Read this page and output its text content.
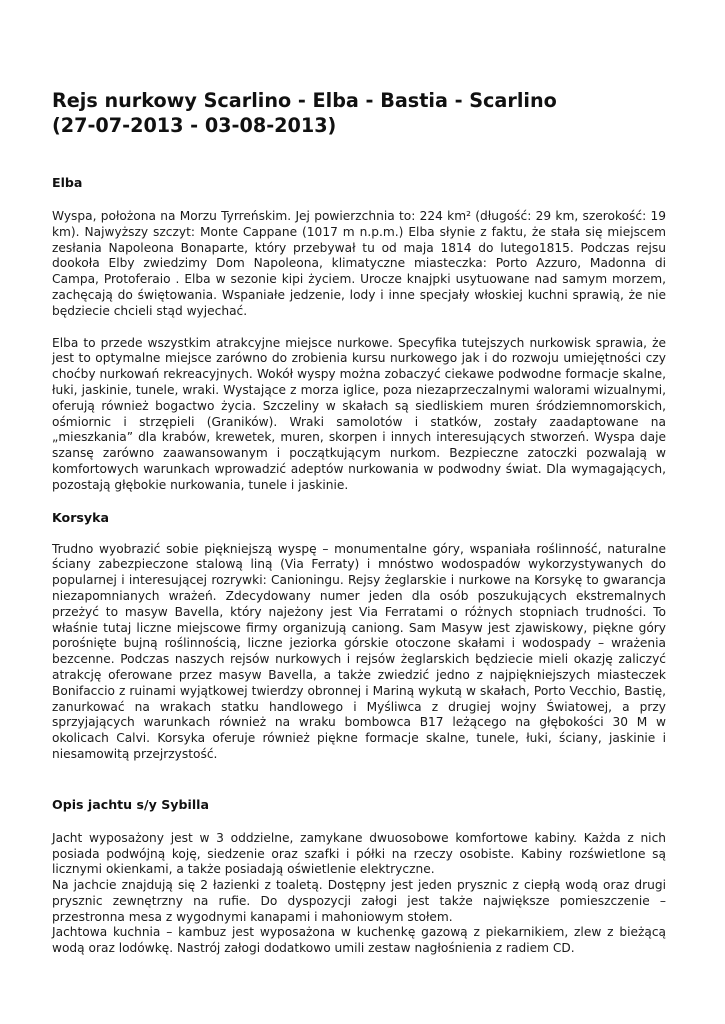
Rejs nurkowy Scarlino - Elba - Bastia - Scarlino
(27-07-2013 - 03-08-2013)
Elba

Wyspa, położona na Morzu Tyrreńskim. Jej powierzchnia to: 224 km² (długość: 29 km, szerokość: 19 km). Najwyższy szczyt: Monte Cappane (1017 m n.p.m.) Elba słynie z faktu, że stała się miejscem zesłania Napoleona Bonaparte, który przebywał tu od maja 1814 do lutego1815. Podczas rejsu dookoła Elby zwiedzimy Dom Napoleona, klimatyczne miasteczka: Porto Azzuro, Madonna di Campa, Protoferaio . Elba w sezonie kipi życiem. Urocze knajpki usytuowane nad samym morzem, zachęcają do świętowania. Wspaniałe jedzenie, lody i inne specjały włoskiej kuchni sprawią, że nie będziecie chcieli stąd wyjechać.

Elba to przede wszystkim atrakcyjne miejsce nurkowe. Specyfika tutejszych nurkowisk sprawia, że jest to optymalne miejsce zarówno do zrobienia kursu nurkowego jak i do rozwoju umiejętności czy choćby nurkowań rekreacyjnych. Wokół wyspy można zobaczyć ciekawe podwodne formacje skalne, łuki, jaskinie, tunele, wraki. Wystające z morza iglice, poza niezaprzeczalnymi walorami wizualnymi, oferują również bogactwo życia. Szczeliny w skałach są siedliskiem muren śródziemnomorskich, ośmiornic i strzępieli (Graników). Wraki samolotów i statków, zostały zaadaptowane na „mieszkania” dla krabów, krewetek, muren, skorpen i innych interesujących stworzeń. Wyspa daje szansę zarówno zaawansowanym i początkującym nurkom. Bezpieczne zatoczki pozwalają w komfortowych warunkach wprowadzić adeptów nurkowania w podwodny świat. Dla wymagających, pozostają głębokie nurkowania, tunele i jaskinie.

Korsyka

Trudno wyobrazić sobie piękniejszą wyspę – monumentalne góry, wspaniała roślinność, naturalne ściany zabezpieczone stalową liną (Via Ferraty) i mnóstwo wodospadów wykorzystywanych do popularnej i interesującej rozrywki: Canioningu. Rejsy żeglarskie i nurkowe na Korsykę to gwarancja niezapomnianych wrażeń. Zdecydowany numer jeden dla osób poszukujących ekstremalnych przeżyć to masyw Bavella, który najeżony jest Via Ferratami o różnych stopniach trudności. To właśnie tutaj liczne miejscowe firmy organizują caniong. Sam Masyw jest zjawiskowy, piękne góry porośnięte bujną roślinnością, liczne jeziorka górskie otoczone skałami i wodospady – wrażenia bezcenne. Podczas naszych rejsów nurkowych i rejsów żeglarskich będziecie mieli okazję zaliczyć atrakcję oferowane przez masyw Bavella, a także zwiedzić jedno z najpiękniejszych miasteczek Bonifaccio z ruinami wyjątkowej twierdzy obronnej i Mariną wykutą w skałach, Porto Vecchio, Bastię, zanurkować na wrakach statku handlowego i Myśliwca z drugiej wojny Światowej, a przy sprzyjających warunkach również na wraku bombowca B17 leżącego na głębokości 30 M w okolicach Calvi. Korsyka oferuje również piękne formacje skalne, tunele, łuki, ściany, jaskinie i niesamowitą przejrzystość.

Opis jachtu s/y Sybilla

Jacht wyposażony jest w 3 oddzielne, zamykane dwuosobowe komfortowe kabiny. Każda z nich posiada podwójną koję, siedzenie oraz szafki i półki na rzeczy osobiste. Kabiny rozświetlone są licznymi okienkami, a także posiadają oświetlenie elektryczne.
Na jachcie znajdują się 2 łazienki z toaletą. Dostępny jest jeden prysznic z ciepłą wodą oraz drugi prysznic zewnętrzny na rufie. Do dyspozycji załogi jest także największe pomieszczenie – przestronna mesa z wygodnymi kanapami i mahoniowym stołem.
Jachtowa kuchnia – kambuz jest wyposażona w kuchenkę gazową z piekarnikiem, zlew z bieżącą wodą oraz lodówkę. Nastrój załogi dodatkowo umili zestaw nagłośnienia z radiem CD.
